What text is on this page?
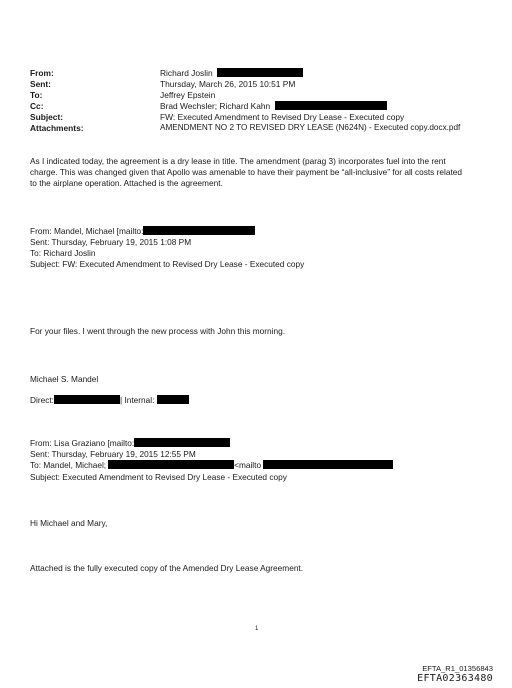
From:	Richard Joslin
Sent:	Thursday, March 26, 2015 10:51 PM
To:	Jeffrey Epstein
Cc:	Brad Wechsler; Richard Kahn
Subject:	FW: Executed Amendment to Revised Dry Lease - Executed copy
Attachments:	AMENDMENT NO 2 TO REVISED DRY LEASE (N624N) - Executed copy.docx.pdf
As I indicated today, the agreement is a dry lease in title. The amendment (parag 3) incorporates fuel into the rent
charge. This was changed given that Apollo was amenable to have their payment be “all-inclusive” for all costs related
to the airplane operation. Attached is the agreement.
From: Mandel, Michael [mailto:
Sent: Thursday, February 19, 2015 1:08 PM
To: Richard Joslin
Subject: FW: Executed Amendment to Revised Dry Lease - Executed copy
For your files. I went through the new process with John this morning.
Michael S. Mandel
Direct:	| Internal:
From: Lisa Graziano [mailto:
Sent: Thursday, February 19, 2015 12:55 PM
To: Mandel, Michael;	<mailto
Subject: Executed Amendment to Revised Dry Lease - Executed copy
Hi Michael and Mary,
Attached is the fully executed copy of the Amended Dry Lease Agreement.
1
EFTA_R1_01356843
EFTA02363480
